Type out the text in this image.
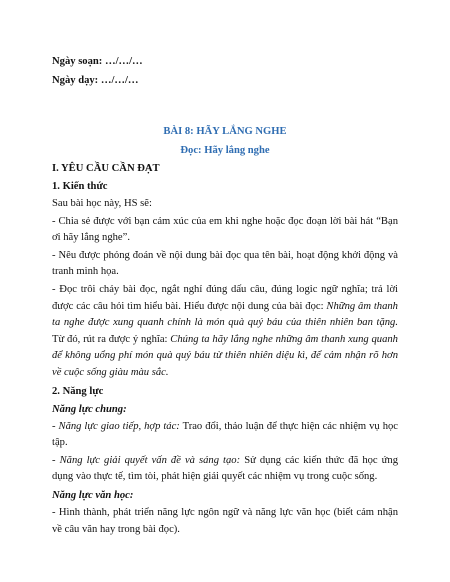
Ngày soạn: …/…/…

Ngày dạy: …/…/…

BÀI 8: HÃY LẮNG NGHE

Đọc: Hãy lắng nghe

I. YÊU CẦU CẦN ĐẠT

1. Kiến thức

Sau bài học này, HS sẽ:

- Chia sẻ được với bạn cảm xúc của em khi nghe hoặc đọc đoạn lời bài hát “Bạn ơi hãy lắng nghe”.

- Nêu được phỏng đoán về nội dung bài đọc qua tên bài, hoạt động khởi động và tranh minh họa.

- Đọc trôi chảy bài đọc, ngắt nghỉ đúng dấu câu, đúng logic ngữ nghĩa; trả lời được các câu hỏi tìm hiểu bài. Hiểu được nội dung của bài đọc: Những âm thanh ta nghe được xung quanh chính là món quà quý báu của thiên nhiên ban tặng. Từ đó, rút ra được ý nghĩa: Chúng ta hãy lắng nghe những âm thanh xung quanh để không uổng phí món quà quý báu từ thiên nhiên diệu kì, để cảm nhận rõ hơn về cuộc sống giàu màu sắc.

2. Năng lực

Năng lực chung:

- Năng lực giao tiếp, hợp tác: Trao đổi, thảo luận để thực hiện các nhiệm vụ học tập.

- Năng lực giải quyết vấn đề và sáng tạo: Sử dụng các kiến thức đã học ứng dụng vào thực tế, tìm tòi, phát hiện giải quyết các nhiệm vụ trong cuộc sống.

Năng lực văn học:

- Hình thành, phát triển năng lực ngôn ngữ và năng lực văn học (biết cảm nhận về câu văn hay trong bài đọc).
